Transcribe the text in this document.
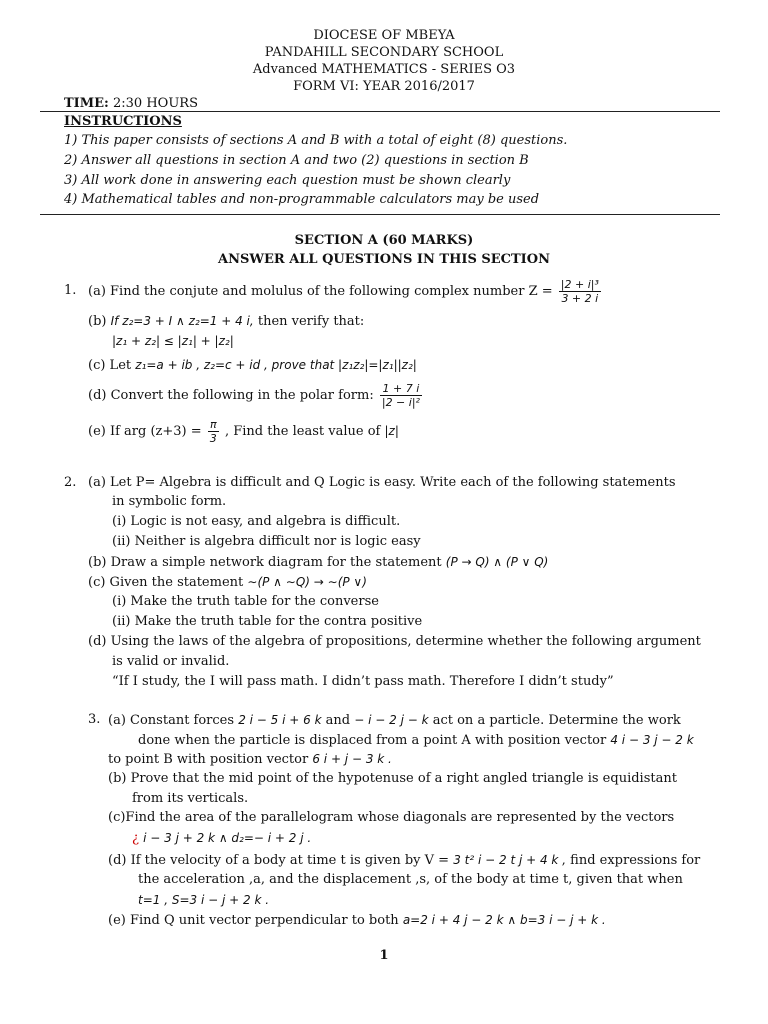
DIOCESE OF MBEYA
PANDAHILL SECONDARY SCHOOL
Advanced MATHEMATICS - SERIES O3
FORM VI: YEAR 2016/2017
TIME: 2:30 HOURS
INSTRUCTIONS
1) This paper consists of sections A and B with a total of eight (8) questions.
2) Answer all questions in section A and two (2) questions in section B
3) All work done in answering each question must be shown clearly
4) Mathematical tables and non-programmable calculators may be used
SECTION A (60 MARKS)
ANSWER ALL QUESTIONS IN THIS SECTION
1. (a) Find the conjute and molulus of the following complex number $Z = \frac{\text{|2 + i|³}}{3 + 2 i}$
(b) If z₂=3 + I ∧ z₂=1 + 4 i, then verify that:
|z₁ + z₂| ≤ |z₁| + |z₂|
(c) Let z₁=a + ib , z₂=c + id , prove that |z₁z₂|=|z₁||z₂|
(d) Convert the following in the polar form: $\frac{1 + 7 i}{\text{|2 − i|²}}$
(e) If arg $(z+3) = \frac{\pi}{3}$ , Find the least value of |z|
2. (a) Let P= Algebra is difficult and Q Logic is easy. Write each of the following statements
in symbolic form.
(i) Logic is not easy, and algebra is difficult.
(ii) Neither is algebra difficult nor is logic easy
(b) Draw a simple network diagram for the statement (P → Q) ∧ (P ∨ Q)
(c) Given the statement ∼(P ∧ ∼Q) → ∼(P ∨)
(i) Make the truth table for the converse
(ii) Make the truth table for the contra positive
(d) Using the laws of the algebra of propositions, determine whether the following argument
is valid or invalid.
“If I study, the I will pass math. I didn’t pass math. Therefore I didn’t study”
3. (a) Constant forces 2 i − 5 i + 6 k and − i − 2 j − k act on a particle. Determine the work
done when the particle is displaced from a point A with position vector 4 i − 3 j − 2 k
to point B with position vector 6 i + j − 3 k .
(b) Prove that the mid point of the hypotenuse of a right angled triangle is equidistant
from its verticals.
(c)Find the area of the parallelogram whose diagonals are represented by the vectors
¿ i − 3 j + 2 k ∧ d₂=− i + 2 j .
(d) If the velocity of a body at time t is given by V = 3 t² i − 2 t j + 4 k , find expressions for
the acceleration ,a, and the displacement ,s, of the body at time t, given that when
t=1 , S=3 i − j + 2 k .
(e) Find Q unit vector perpendicular to both a=2 i + 4 j − 2 k ∧ b=3 i − j + k .
1
